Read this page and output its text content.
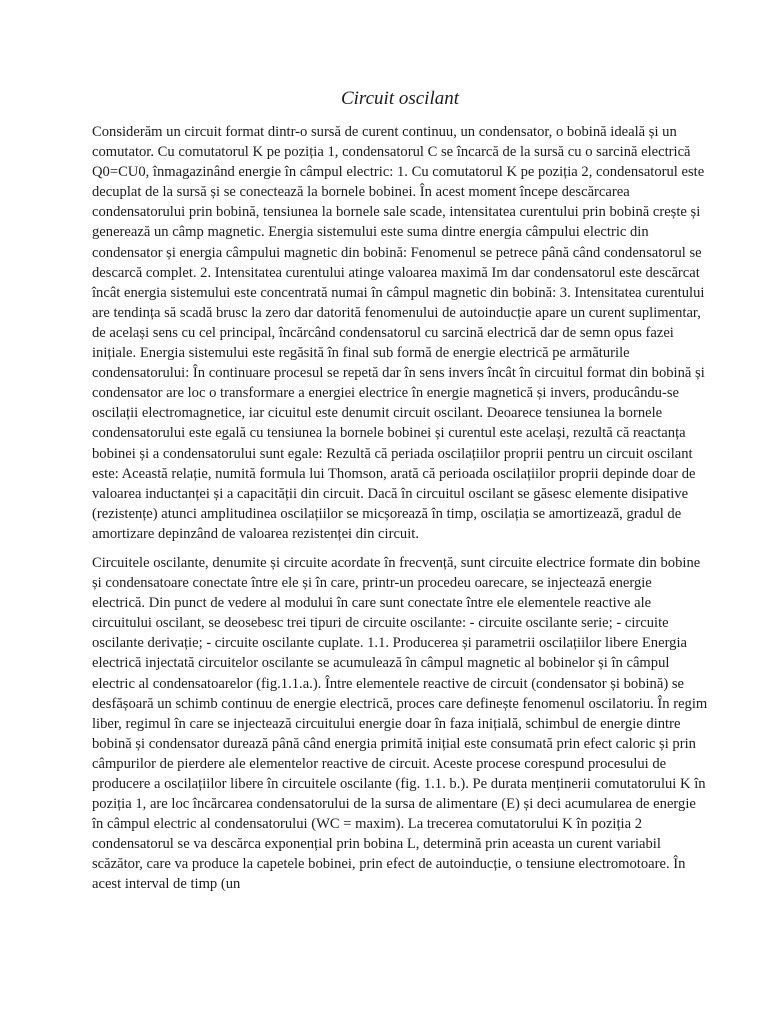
Circuit oscilant

Considerăm un circuit format dintr-o sursă de curent continuu, un condensator, o bobină ideală și un comutator. Cu comutatorul K pe poziția 1, condensatorul C se încarcă de la sursă cu o sarcină electrică Q0=CU0, înmagazinând energie în câmpul electric: 1. Cu comutatorul K pe poziția 2, condensatorul este decuplat de la sursă și se conectează la bornele bobinei. În acest moment începe descărcarea condensatorului prin bobină, tensiunea la bornele sale scade, intensitatea curentului prin bobină crește și generează un câmp magnetic. Energia sistemului este suma dintre energia câmpului electric din condensator și energia câmpului magnetic din bobină: Fenomenul se petrece până când condensatorul se descarcă complet. 2. Intensitatea curentului atinge valoarea maximă Im dar condensatorul este descărcat încât energia sistemului este concentrată numai în câmpul magnetic din bobină: 3. Intensitatea curentului are tendința să scadă brusc la zero dar datorită fenomenului de autoinducție apare un curent suplimentar, de același sens cu cel principal, încărcând condensatorul cu sarcină electrică dar de semn opus fazei inițiale. Energia sistemului este regăsită în final sub formă de energie electrică pe armăturile condensatorului: În continuare procesul se repetă dar în sens invers încât în circuitul format din bobină și condensator are loc o transformare a energiei electrice în energie magnetică și invers, producându-se oscilații electromagnetice, iar cicuitul este denumit circuit oscilant. Deoarece tensiunea la bornele condensatorului este egală cu tensiunea la bornele bobinei și curentul este același, rezultă că reactanța bobinei și a condensatorului sunt egale: Rezultă că periada oscilațiilor proprii pentru un circuit oscilant este: Această relație, numită formula lui Thomson, arată că perioada oscilațiilor proprii depinde doar de valoarea inductanței și a capacității din circuit. Dacă în circuitul oscilant se găsesc elemente disipative (rezistențe) atunci amplitudinea oscilațiilor se micșorează în timp, oscilația se amortizează, gradul de amortizare depinzând de valoarea rezistenței din circuit.

Circuitele oscilante, denumite și circuite acordate în frecvență, sunt circuite electrice formate din bobine și condensatoare conectate între ele și în care, printr-un procedeu oarecare, se injectează energie electrică. Din punct de vedere al modului în care sunt conectate între ele elementele reactive ale circuitului oscilant, se deosebesc trei tipuri de circuite oscilante: - circuite oscilante serie; - circuite oscilante derivație; - circuite oscilante cuplate. 1.1. Producerea și parametrii oscilațiilor libere Energia electrică injectată circuitelor oscilante se acumulează în câmpul magnetic al bobinelor și în câmpul electric al condensatoarelor (fig.1.1.a.). Între elementele reactive de circuit (condensator și bobină) se desfășoară un schimb continuu de energie electrică, proces care definește fenomenul oscilatoriu. În regim liber, regimul în care se injectează circuitului energie doar în faza inițială, schimbul de energie dintre bobină și condensator durează până când energia primită inițial este consumată prin efect caloric și prin câmpurilor de pierdere ale elementelor reactive de circuit. Aceste procese corespund procesului de producere a oscilațiilor libere în circuitele oscilante (fig. 1.1. b.). Pe durata menținerii comutatorului K în poziția 1, are loc încărcarea condensatorului de la sursa de alimentare (E) și deci acumularea de energie în câmpul electric al condensatorului (WC = maxim). La trecerea comutatorului K în poziția 2 condensatorul se va descărca exponențial prin bobina L, determină prin aceasta un curent variabil scăzător, care va produce la capetele bobinei, prin efect de autoinducție, o tensiune electromotoare. În acest interval de timp (un
